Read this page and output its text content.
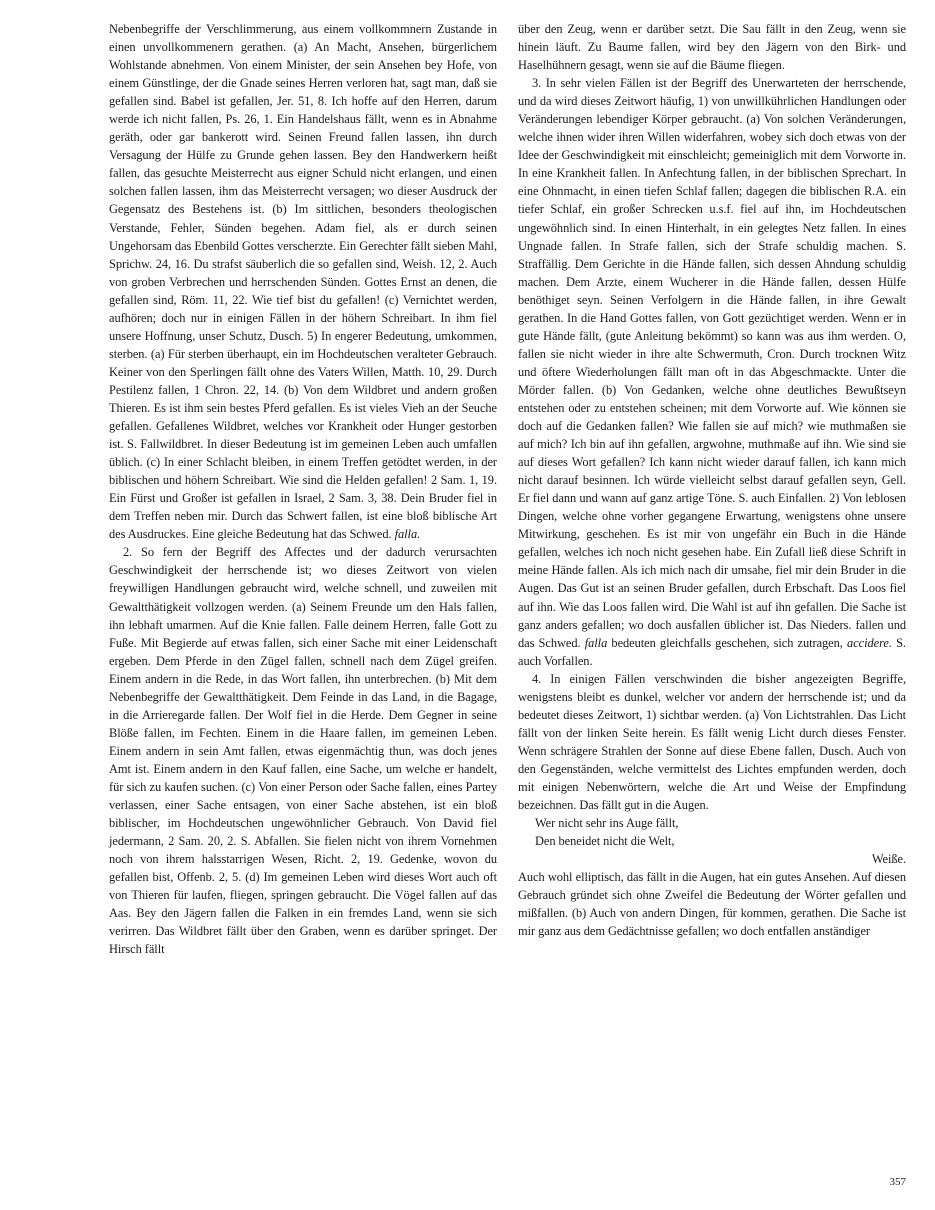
Nebenbegriffe der Verschlimmerung, aus einem vollkommnern Zustande in einen unvollkommenern gerathen. (a) An Macht, Ansehen, bürgerlichem Wohlstande abnehmen. Von einem Minister, der sein Ansehen bey Hofe, von einem Günstlinge, der die Gnade seines Herren verloren hat, sagt man, daß sie gefallen sind. Babel ist gefallen, Jer. 51, 8. Ich hoffe auf den Herren, darum werde ich nicht fallen, Ps. 26, 1. Ein Handelshaus fällt, wenn es in Abnahme geräth, oder gar bankerott wird. Seinen Freund fallen lassen, ihn durch Versagung der Hülfe zu Grunde gehen lassen. Bey den Handwerkern heißt fallen, das gesuchte Meisterrecht aus eigner Schuld nicht erlangen, und einen solchen fallen lassen, ihm das Meisterrecht versagen; wo dieser Ausdruck der Gegensatz des Bestehens ist. (b) Im sittlichen, besonders theologischen Verstande, Fehler, Sünden begehen. Adam fiel, als er durch seinen Ungehorsam das Ebenbild Gottes verscherzte. Ein Gerechter fällt sieben Mahl, Sprichw. 24, 16. Du strafst säuberlich die so gefallen sind, Weish. 12, 2. Auch von groben Verbrechen und herrschenden Sünden. Gottes Ernst an denen, die gefallen sind, Röm. 11, 22. Wie tief bist du gefallen! (c) Vernichtet werden, aufhören; doch nur in einigen Fällen in der höhern Schreibart. In ihm fiel unsere Hoffnung, unser Schutz, Dusch. 5) In engerer Bedeutung, umkommen, sterben. (a) Für sterben überhaupt, ein im Hochdeutschen veralteter Gebrauch. Keiner von den Sperlingen fällt ohne des Vaters Willen, Matth. 10, 29. Durch Pestilenz fallen, 1 Chron. 22, 14. (b) Von dem Wildbret und andern großen Thieren. Es ist ihm sein bestes Pferd gefallen. Es ist vieles Vieh an der Seuche gefallen. Gefallenes Wildbret, welches vor Krankheit oder Hunger gestorben ist. S. Fallwildbret. In dieser Bedeutung ist im gemeinen Leben auch umfallen üblich. (c) In einer Schlacht bleiben, in einem Treffen getödtet werden, in der biblischen und höhern Schreibart. Wie sind die Helden gefallen! 2 Sam. 1, 19. Ein Fürst und Großer ist gefallen in Israel, 2 Sam. 3, 38. Dein Bruder fiel in dem Treffen neben mir. Durch das Schwert fallen, ist eine bloß biblische Art des Ausdruckes. Eine gleiche Bedeutung hat das Schwed. falla.

2. So fern der Begriff des Affectes und der dadurch verursachten Geschwindigkeit der herrschende ist; wo dieses Zeitwort von vielen freywilligen Handlungen gebraucht wird, welche schnell, und zuweilen mit Gewaltthätigkeit vollzogen werden. (a) Seinem Freunde um den Hals fallen, ihn lebhaft umarmen. Auf die Knie fallen. Falle deinem Herren, falle Gott zu Fuße. Mit Begierde auf etwas fallen, sich einer Sache mit einer Leidenschaft ergeben. Dem Pferde in den Zügel fallen, schnell nach dem Zügel greifen. Einem andern in die Rede, in das Wort fallen, ihn unterbrechen. (b) Mit dem Nebenbegriffe der Gewaltthätigkeit. Dem Feinde in das Land, in die Bagage, in die Arrieregarde fallen. Der Wolf fiel in die Herde. Dem Gegner in seine Blöße fallen, im Fechten. Einem in die Haare fallen, im gemeinen Leben. Einem andern in sein Amt fallen, etwas eigenmächtig thun, was doch jenes Amt ist. Einem andern in den Kauf fallen, eine Sache, um welche er handelt, für sich zu kaufen suchen. (c) Von einer Person oder Sache fallen, eines Partey verlassen, einer Sache entsagen, von einer Sache abstehen, ist ein bloß biblischer, im Hochdeutschen ungewöhnlicher Gebrauch. Von David fiel jedermann, 2 Sam. 20, 2. S. Abfallen. Sie fielen nicht von ihrem Vornehmen noch von ihrem halsstarrigen Wesen, Richt. 2, 19. Gedenke, wovon du gefallen bist, Offenb. 2, 5. (d) Im gemeinen Leben wird dieses Wort auch oft von Thieren für laufen, fliegen, springen gebraucht. Die Vögel fallen auf das Aas. Bey den Jägern fallen die Falken in ein fremdes Land, wenn sie sich verirren. Das Wildbret fällt über den Graben, wenn es darüber springet. Der Hirsch fällt

über den Zeug, wenn er darüber setzt. Die Sau fällt in den Zeug, wenn sie hinein läuft. Zu Baume fallen, wird bey den Jägern von den Birk- und Haselhühnern gesagt, wenn sie auf die Bäume fliegen.

3. In sehr vielen Fällen ist der Begriff des Unerwarteten der herrschende, und da wird dieses Zeitwort häufig, 1) von unwillkührlichen Handlungen oder Veränderungen lebendiger Körper gebraucht. (a) Von solchen Veränderungen, welche ihnen wider ihren Willen widerfahren, wobey sich doch etwas von der Idee der Geschwindigkeit mit einschleicht; gemeiniglich mit dem Vorworte in. In eine Krankheit fallen. In Anfechtung fallen, in der biblischen Sprechart. In eine Ohnmacht, in einen tiefen Schlaf fallen; dagegen die biblischen R.A. ein tiefer Schlaf, ein großer Schrecken u.s.f. fiel auf ihn, im Hochdeutschen ungewöhnlich sind. In einen Hinterhalt, in ein gelegtes Netz fallen. In eines Ungnade fallen. In Strafe fallen, sich der Strafe schuldig machen. S. Straffällig. Dem Gerichte in die Hände fallen, sich dessen Ahndung schuldig machen. Dem Arzte, einem Wucherer in die Hände fallen, dessen Hülfe benöthiget seyn. Seinen Verfolgern in die Hände fallen, in ihre Gewalt gerathen. In die Hand Gottes fallen, von Gott gezüchtiget werden. Wenn er in gute Hände fällt, (gute Anleitung bekömmt) so kann was aus ihm werden. O, fallen sie nicht wieder in ihre alte Schwermuth, Cron. Durch trocknen Witz und öftere Wiederholungen fällt man oft in das Abgeschmackte. Unter die Mörder fallen. (b) Von Gedanken, welche ohne deutliches Bewußtseyn entstehen oder zu entstehen scheinen; mit dem Vorworte auf. Wie können sie doch auf die Gedanken fallen? Wie fallen sie auf mich? wie muthmaßen sie auf mich? Ich bin auf ihn gefallen, argwohne, muthmaße auf ihn. Wie sind sie auf dieses Wort gefallen? Ich kann nicht wieder darauf fallen, ich kann mich nicht darauf besinnen. Ich würde vielleicht selbst darauf gefallen seyn, Gell. Er fiel dann und wann auf ganz artige Töne. S. auch Einfallen. 2) Von leblosen Dingen, welche ohne vorher gegangene Erwartung, wenigstens ohne unsere Mitwirkung, geschehen. Es ist mir von ungefähr ein Buch in die Hände gefallen, welches ich noch nicht gesehen habe. Ein Zufall ließ diese Schrift in meine Hände fallen. Als ich mich nach dir umsahe, fiel mir dein Bruder in die Augen. Das Gut ist an seinen Bruder gefallen, durch Erbschaft. Das Loos fiel auf ihn. Wie das Loos fallen wird. Die Wahl ist auf ihn gefallen. Die Sache ist ganz anders gefallen; wo doch ausfallen üblicher ist. Das Nieders. fallen und das Schwed. falla bedeuten gleichfalls geschehen, sich zutragen, accidere. S. auch Vorfallen.

4. In einigen Fällen verschwinden die bisher angezeigten Begriffe, wenigstens bleibt es dunkel, welcher vor andern der herrschende ist; und da bedeutet dieses Zeitwort, 1) sichtbar werden. (a) Von Lichtstrahlen. Das Licht fällt von der linken Seite herein. Es fällt wenig Licht durch dieses Fenster. Wenn schrägere Strahlen der Sonne auf diese Ebene fallen, Dusch. Auch von den Gegenständen, welche vermittelst des Lichtes empfunden werden, doch mit einigen Nebenwörtern, welche die Art und Weise der Empfindung bezeichnen. Das fällt gut in die Augen.

Wer nicht sehr ins Auge fällt,

Den beneidet nicht die Welt,

Weiße.

Auch wohl elliptisch, das fällt in die Augen, hat ein gutes Ansehen. Auf diesen Gebrauch gründet sich ohne Zweifel die Bedeutung der Wörter gefallen und mißfallen. (b) Auch von andern Dingen, für kommen, gerathen. Die Sache ist mir ganz aus dem Gedächtnisse gefallen; wo doch entfallen anständiger

357
